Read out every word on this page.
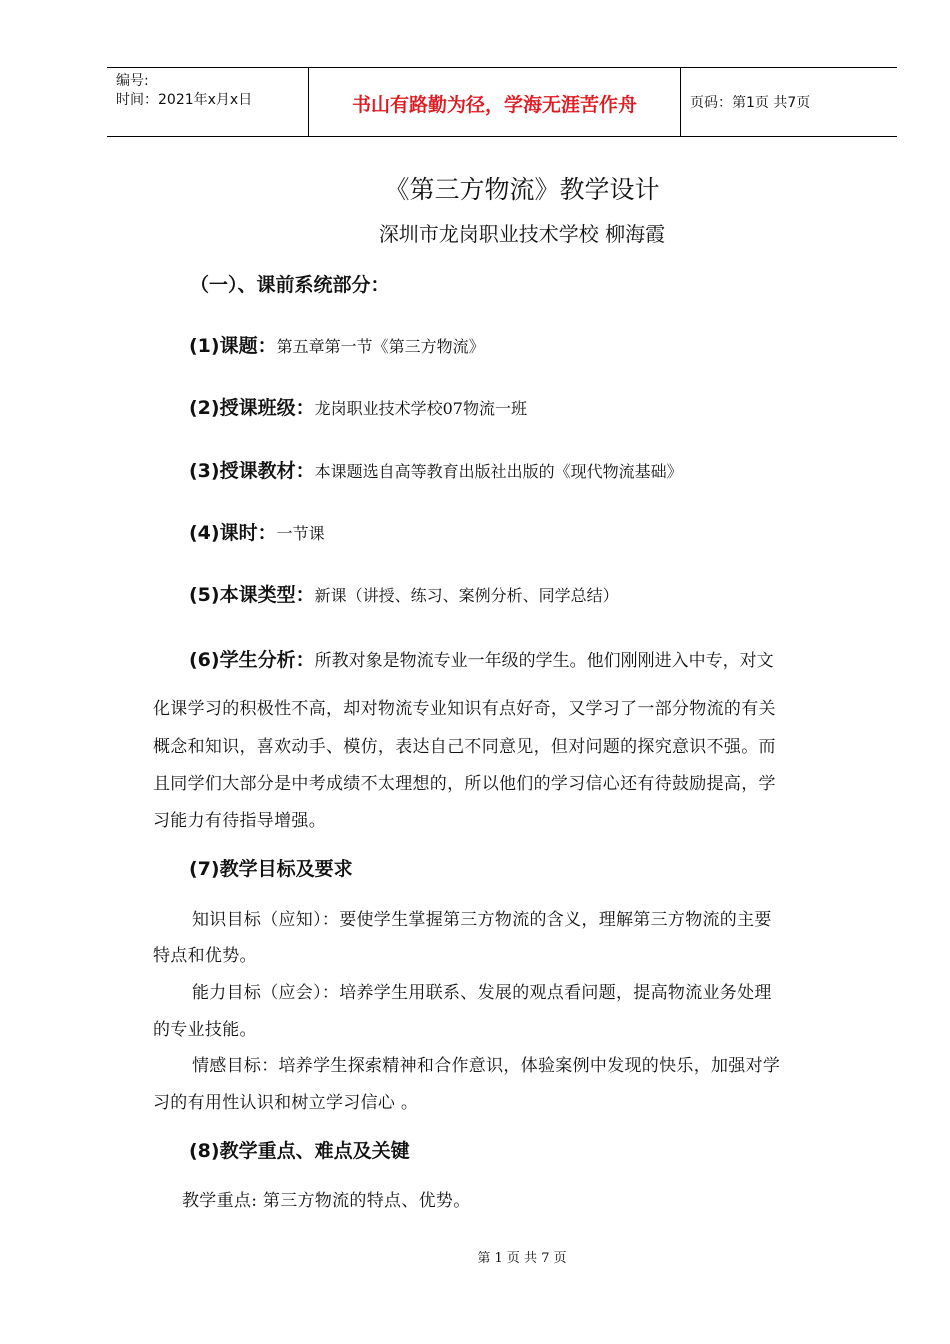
编号:
时间：2021年x月x日	书山有路勤为径，学海无涯苦作舟	页码：第1页 共7页
《第三方物流》教学设计
深圳市龙岗职业技术学校 柳海霞
（一）、课前系统部分：
(1)课题：第五章第一节《第三方物流》
(2)授课班级：龙岗职业技术学校07物流一班
(3)授课教材：本课题选自高等教育出版社出版的《现代物流基础》
(4)课时：一节课
(5)本课类型：新课（讲授、练习、案例分析、同学总结）
(6)学生分析：所教对象是物流专业一年级的学生。他们刚刚进入中专，对文
化课学习的积极性不高，却对物流专业知识有点好奇，又学习了一部分物流的有关
概念和知识，喜欢动手、模仿，表达自己不同意见，但对问题的探究意识不强。而
且同学们大部分是中考成绩不太理想的，所以他们的学习信心还有待鼓励提高，学
习能力有待指导增强。
(7)教学目标及要求
知识目标（应知）：要使学生掌握第三方物流的含义，理解第三方物流的主要
特点和优势。
能力目标（应会）：培养学生用联系、发展的观点看问题，提高物流业务处理
的专业技能。
情感目标：培养学生探索精神和合作意识，体验案例中发现的快乐，加强对学
习的有用性认识和树立学习信心 。
(8)教学重点、难点及关键
教学重点: 第三方物流的特点、优势。
第 1 页 共 7 页
